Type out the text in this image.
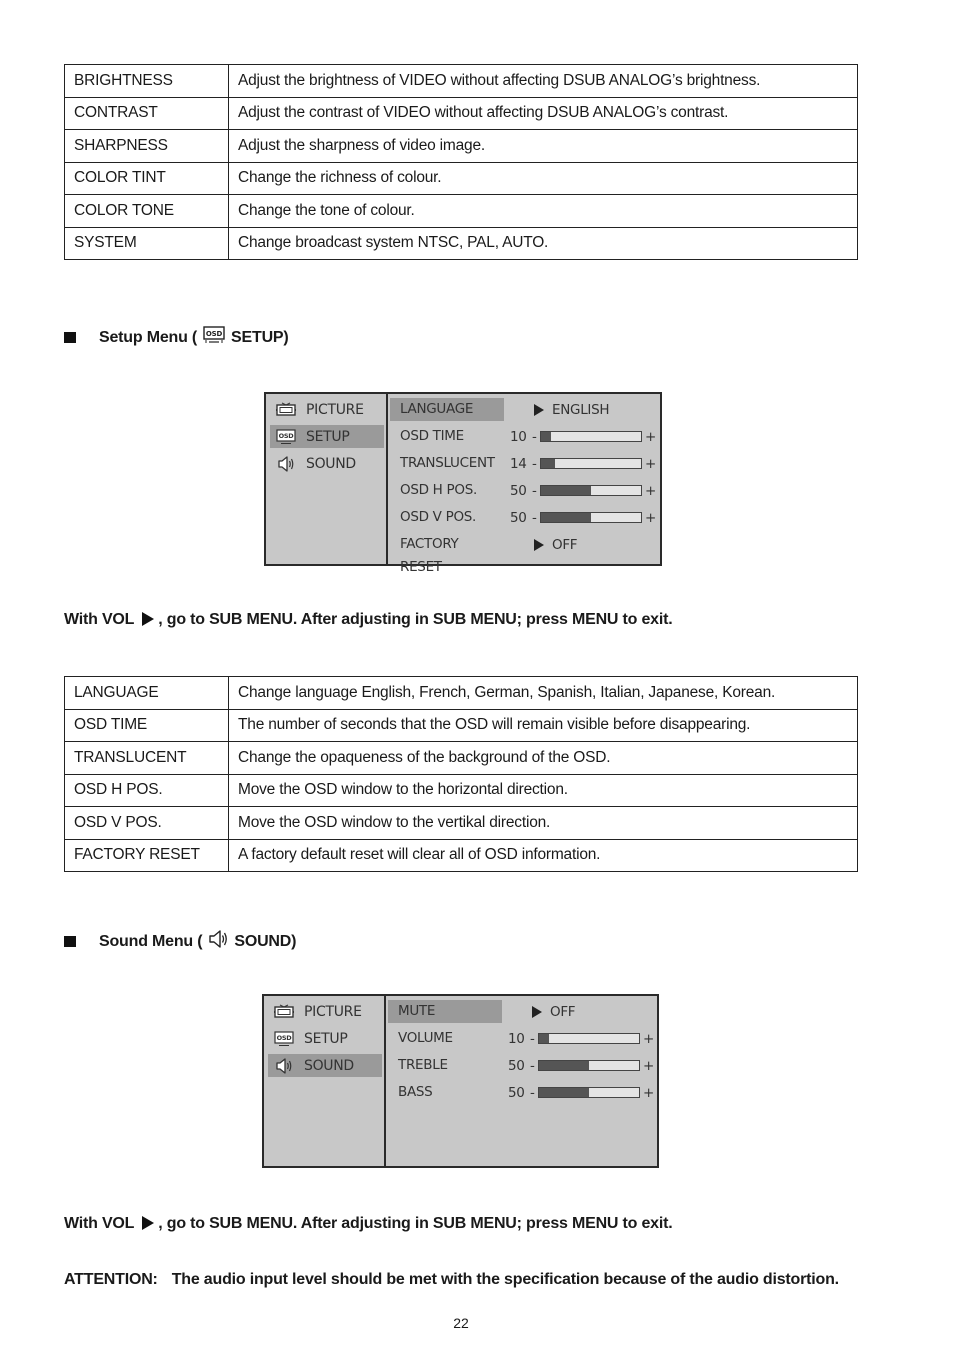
BRIGHTNESS	Adjust the brightness of VIDEO without affecting DSUB ANALOG’s brightness.
CONTRAST	Adjust the contrast of VIDEO without affecting DSUB ANALOG’s contrast.
SHARPNESS	Adjust the sharpness of video image.
COLOR TINT	Change the richness of colour.
COLOR TONE	Change the tone of colour.
SYSTEM	Change broadcast system NTSC, PAL, AUTO.
Setup Menu ( OSD SETUP)
PICTURE
OSD SETUP
SOUND
LANGUAGE	ENGLISH
OSD TIME	10 -	+
TRANSLUCENT	14 -	+
OSD H POS.	50 -	+
OSD V POS.	50 -	+
FACTORY RESET
OFF
With VOL , go to SUB MENU. After adjusting in SUB MENU; press MENU to exit.
LANGUAGE	Change language English, French, German, Spanish, Italian, Japanese, Korean.
OSD TIME	The number of seconds that the OSD will remain visible before disappearing.
TRANSLUCENT	Change the opaqueness of the background of the OSD.
OSD H POS.	Move the OSD window to the horizontal direction.
OSD V POS.	Move the OSD window to the vertikal direction.
FACTORY RESET	A factory default reset will clear all of OSD information.
Sound Menu ( SOUND)
PICTURE
OSD SETUP
SOUND
MUTE	OFF
VOLUME	10 -	+
TREBLE	50 -	+
BASS	50 -	+
With VOL , go to SUB MENU. After adjusting in SUB MENU; press MENU to exit.
ATTENTION: The audio input level should be met with the specification because of the audio distortion.
22
